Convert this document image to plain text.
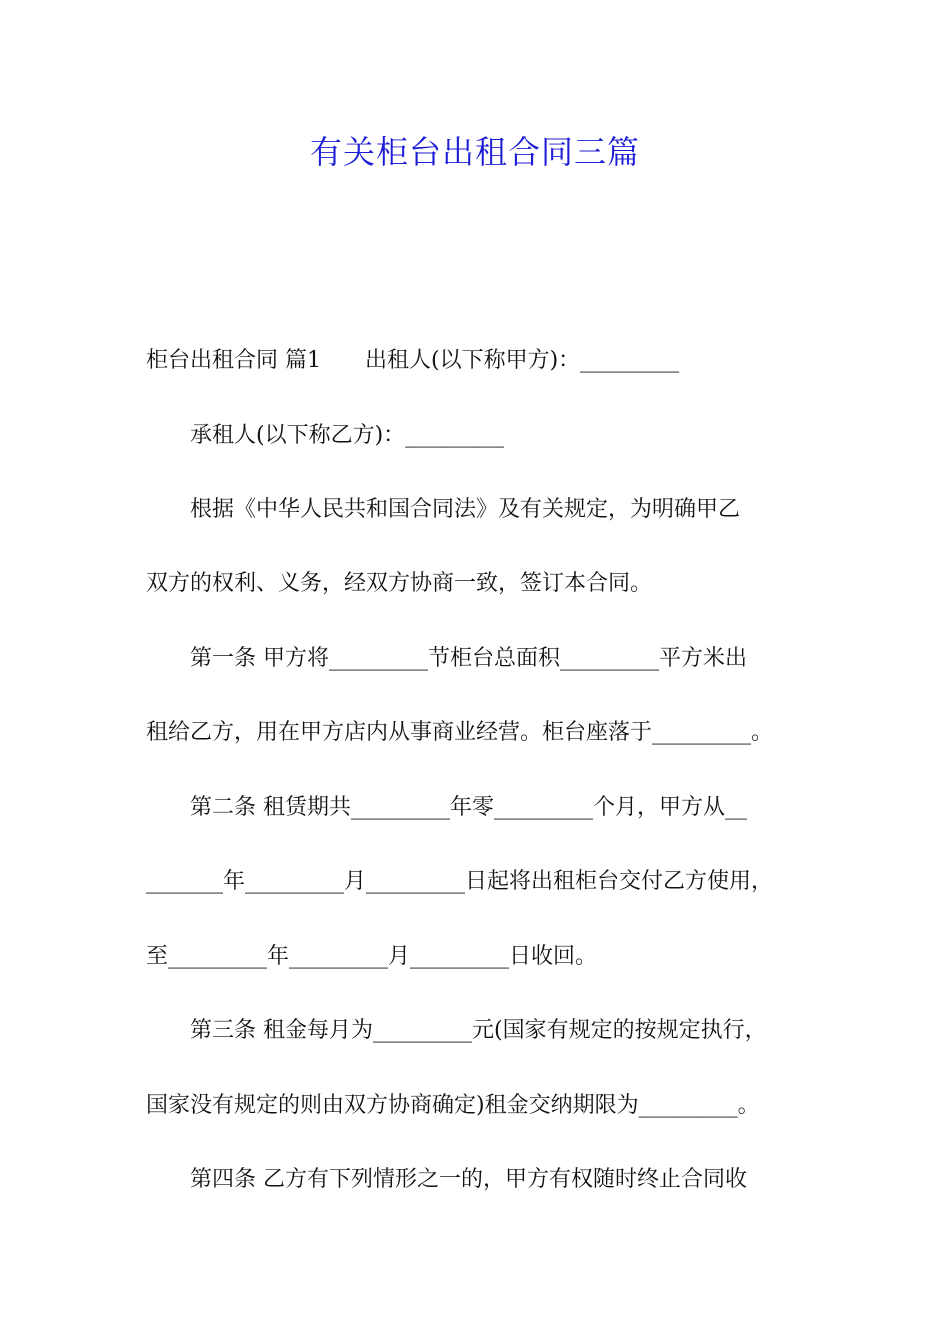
有关柜台出租合同三篇

柜台出租合同 篇1　　出租人(以下称甲方)：_________

　　承租人(以下称乙方)：_________

　　根据《中华人民共和国合同法》及有关规定，为明确甲乙

双方的权利、义务，经双方协商一致，签订本合同。

　　第一条 甲方将_________节柜台总面积_________平方米出

租给乙方，用在甲方店内从事商业经营。柜台座落于_________。

　　第二条 租赁期共_________年零_________个月，甲方从__

_______年_________月_________日起将出租柜台交付乙方使用，

至_________年_________月_________日收回。

　　第三条 租金每月为_________元(国家有规定的按规定执行，

国家没有规定的则由双方协商确定)租金交纳期限为_________。

　　第四条 乙方有下列情形之一的，甲方有权随时终止合同收
